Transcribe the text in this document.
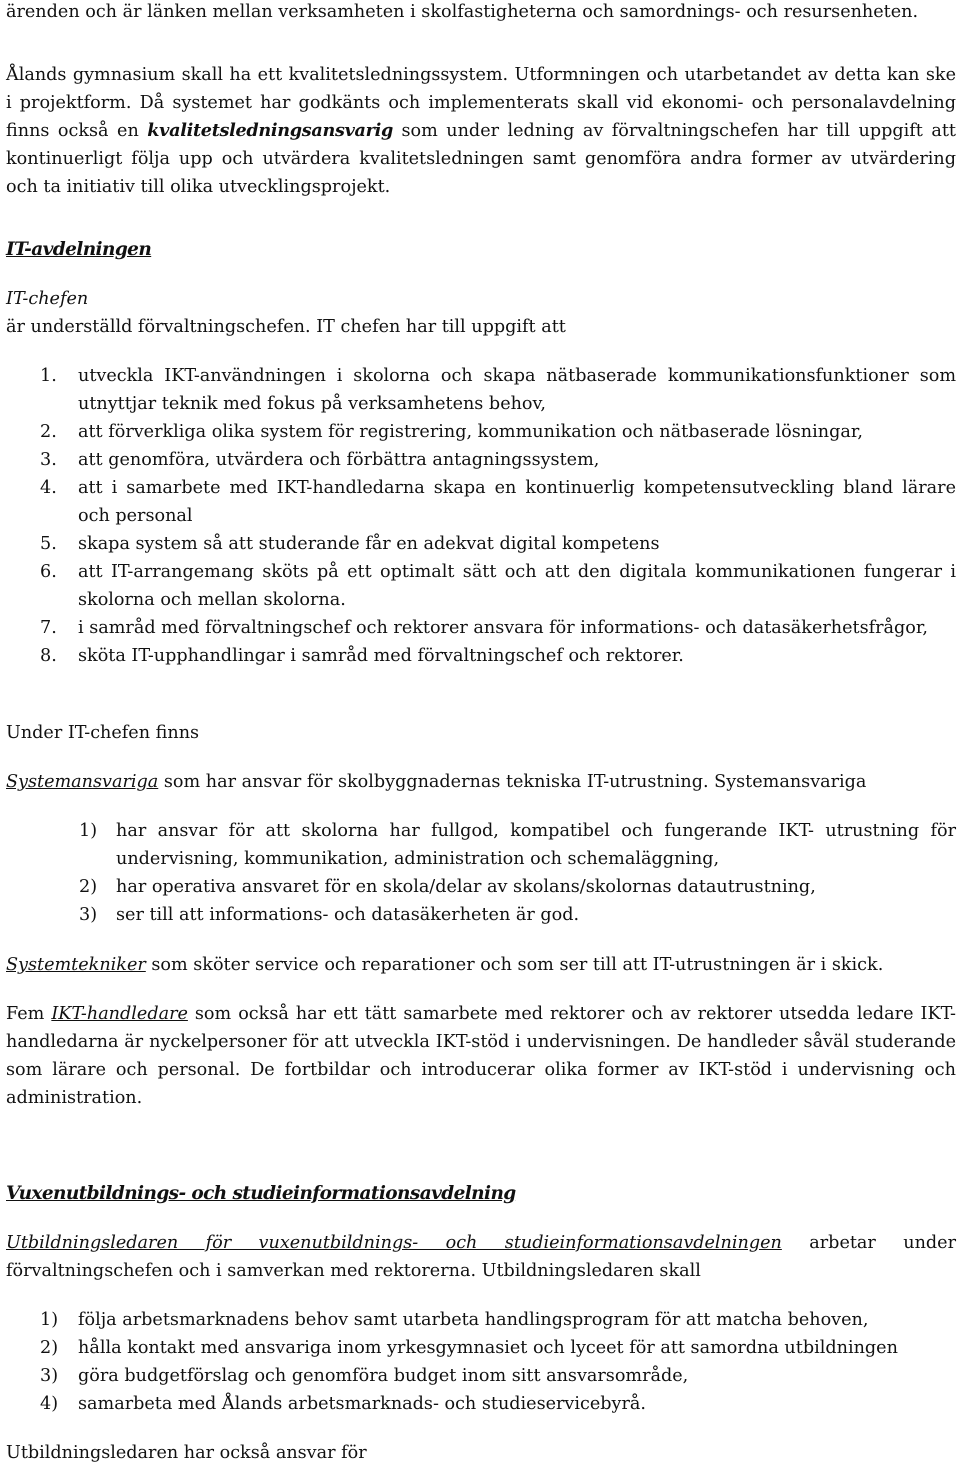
ärenden och är länken mellan verksamheten i skolfastigheterna och samordnings- och resursenheten.

Ålands gymnasium skall ha ett kvalitetsledningssystem. Utformningen och utarbetandet av detta kan ske i projektform. Då systemet har godkänts och implementerats skall vid ekonomi- och personalavdelning finns också en kvalitetsledningsansvarig som under ledning av förvaltningschefen har till uppgift att kontinuerligt följa upp och utvärdera kvalitetsledningen samt genomföra andra former av utvärdering och ta initiativ till olika utvecklingsprojekt.

IT-avdelningen

IT-chefen

är underställd förvaltningschefen. IT chefen har till uppgift att

1. utveckla IKT-användningen i skolorna och skapa nätbaserade kommunikationsfunktioner som utnyttjar teknik med fokus på verksamhetens behov,
2. att förverkliga olika system för registrering, kommunikation och nätbaserade lösningar,
3. att genomföra, utvärdera och förbättra antagningssystem,
4. att i samarbete med IKT-handledarna skapa en kontinuerlig kompetensutveckling bland lärare och personal
5. skapa system så att studerande får en adekvat digital kompetens
6. att IT-arrangemang sköts på ett optimalt sätt och att den digitala kommunikationen fungerar i skolorna och mellan skolorna.
7. i samråd med förvaltningschef och rektorer ansvara för informations- och datasäkerhetsfrågor,
8. sköta IT-upphandlingar i samråd med förvaltningschef och rektorer.

Under IT-chefen finns

Systemansvariga som har ansvar för skolbyggnadernas tekniska IT-utrustning. Systemansvariga

1) har ansvar för att skolorna har fullgod, kompatibel och fungerande IKT- utrustning för undervisning, kommunikation, administration och schemaläggning,
2) har operativa ansvaret för en skola/delar av skolans/skolornas datautrustning,
3) ser till att informations- och datasäkerheten är god.

Systemtekniker som sköter service och reparationer och som ser till att IT-utrustningen är i skick.

Fem IKT-handledare som också har ett tätt samarbete med rektorer och av rektorer utsedda ledare IKT-handledarna är nyckelpersoner för att utveckla IKT-stöd i undervisningen. De handleder såväl studerande som lärare och personal. De fortbildar och introducerar olika former av IKT-stöd i undervisning och administration.

Vuxenutbildnings- och studieinformationsavdelning

Utbildningsledaren för vuxenutbildnings- och studieinformationsavdelningen arbetar under förvaltningschefen och i samverkan med rektorerna. Utbildningsledaren skall

1) följa arbetsmarknadens behov samt utarbeta handlingsprogram för att matcha behoven,
2) hålla kontakt med ansvariga inom yrkesgymnasiet och lyceet för att samordna utbildningen
3) göra budgetförslag och genomföra budget inom sitt ansvarsområde,
4) samarbeta med Ålands arbetsmarknads- och studieservicebyrå.

Utbildningsledaren har också ansvar för
